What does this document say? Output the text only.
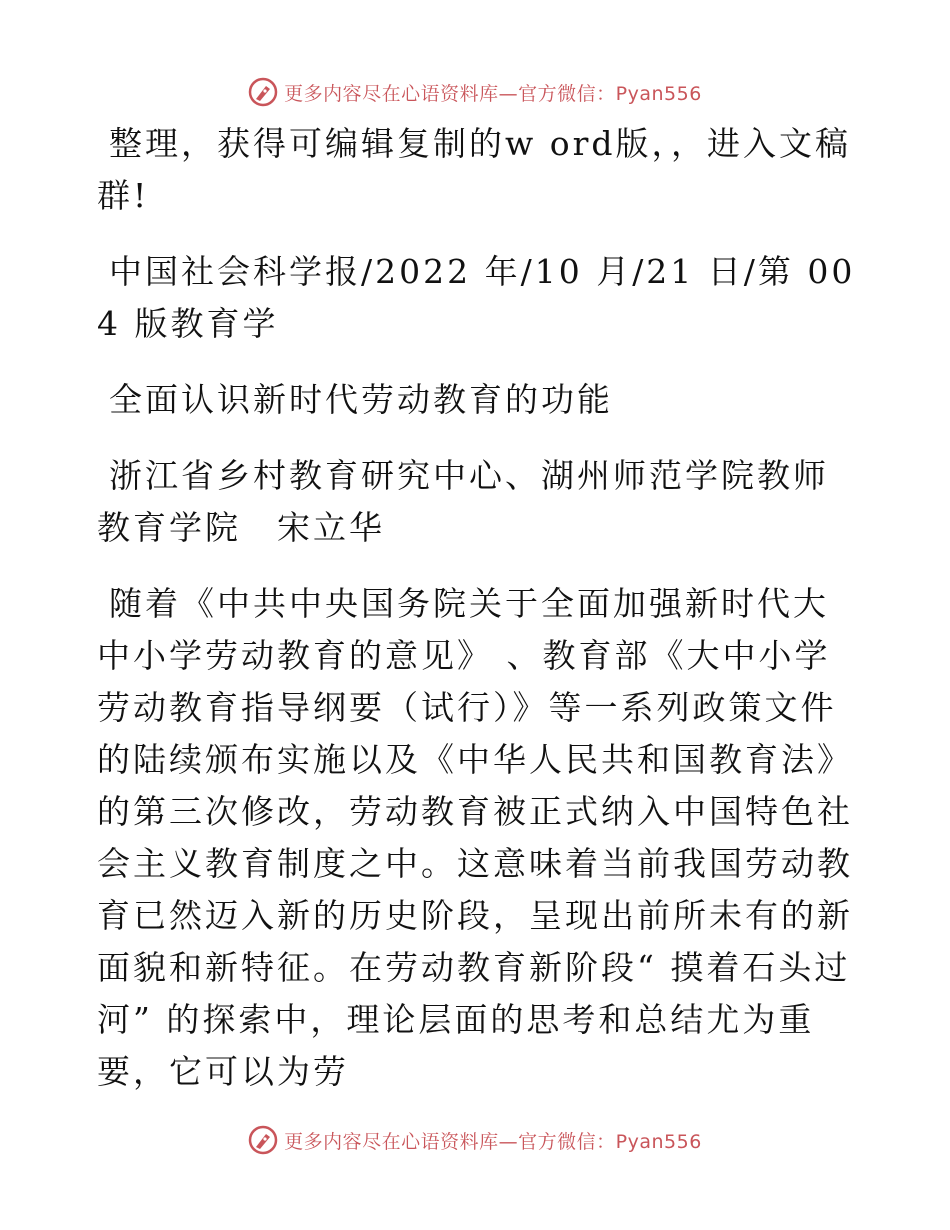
更多内容尽在心语资料库—官方微信：Pyan556

整理，获得可编辑复制的w ord版，，进入文稿群!

中国社会科学报/2022 年/10 月/21 日/第 004 版教育学

全面认识新时代劳动教育的功能

浙江省乡村教育研究中心、湖州师范学院教师教育学院　宋立华

随着《中共中央国务院关于全面加强新时代大中小学劳动教育的意见》 、教育部《大中小学劳动教育指导纲要（试行）》等一系列政策文件的陆续颁布实施以及《中华人民共和国教育法》的第三次修改，劳动教育被正式纳入中国特色社会主义教育制度之中。这意味着当前我国劳动教育已然迈入新的历史阶段，呈现出前所未有的新面貌和新特征。在劳动教育新阶段“ 摸着石头过河” 的探索中，理论层面的思考和总结尤为重要，它可以为劳

更多内容尽在心语资料库—官方微信：Pyan556
